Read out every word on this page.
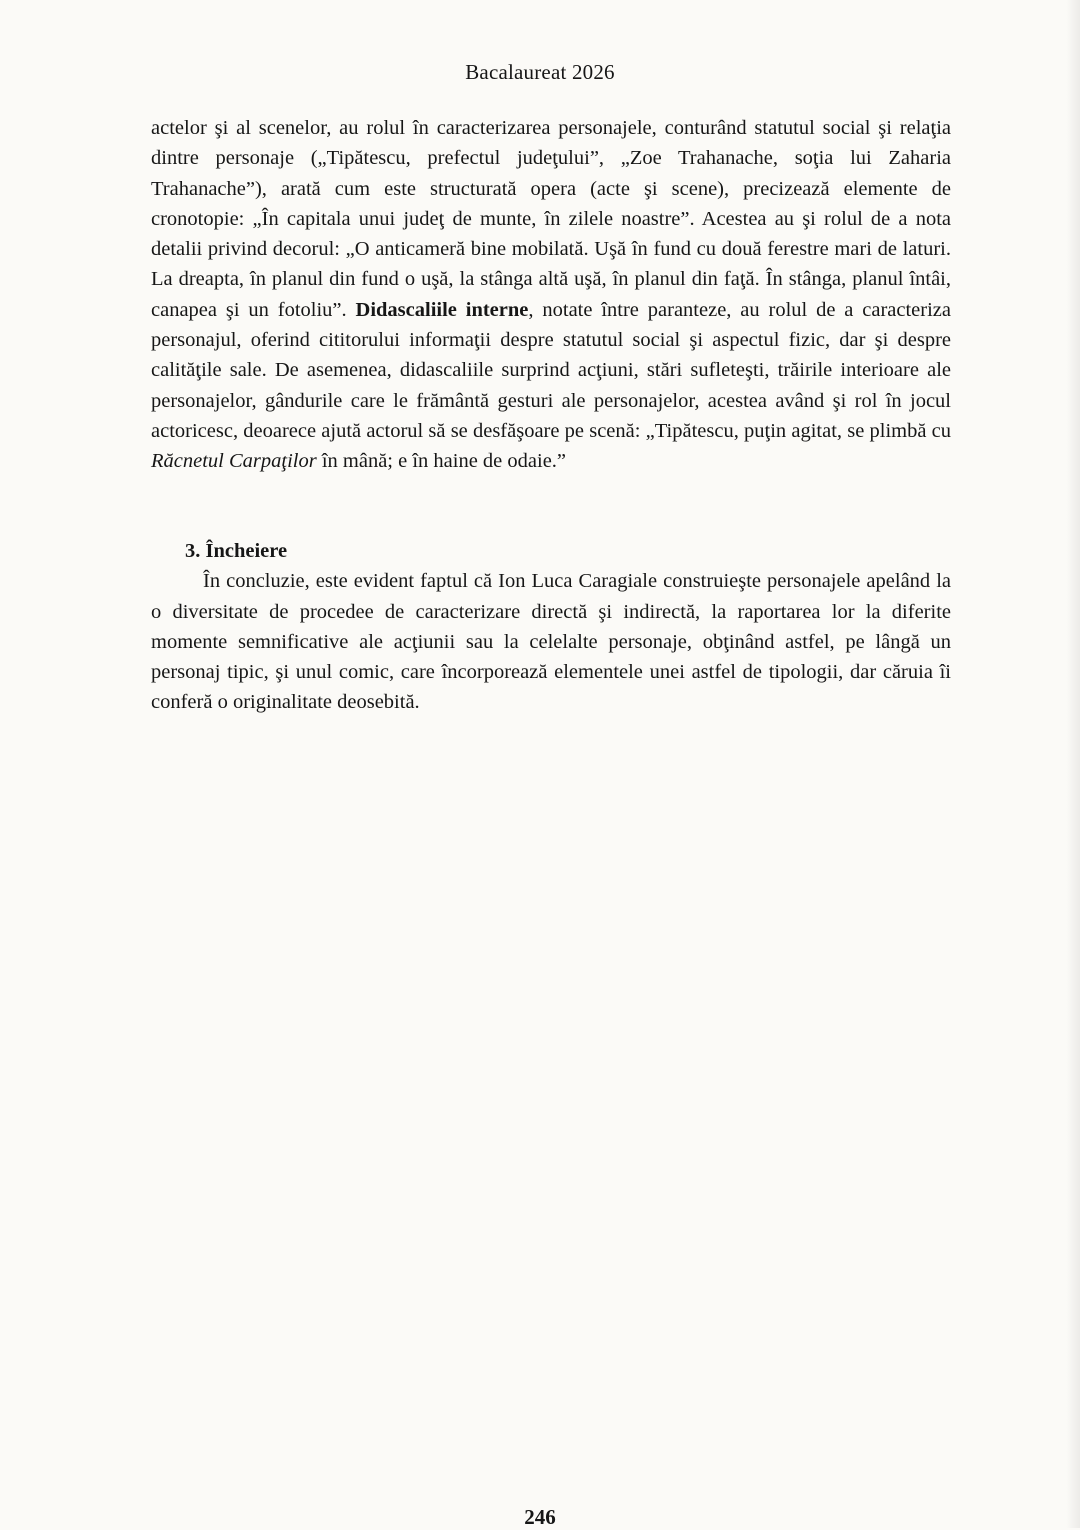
Bacalaureat 2026

actelor şi al scenelor, au rolul în caracterizarea personajele, conturând statutul social şi relaţia dintre personaje („Tipătescu, prefectul judeţului”, „Zoe Trahanache, soţia lui Zaharia Trahanache”), arată cum este structurată opera (acte şi scene), precizează elemente de cronotopie: „În capitala unui judeţ de munte, în zilele noastre”. Acestea au şi rolul de a nota detalii privind decorul: „O anticameră bine mobilată. Uşă în fund cu două ferestre mari de laturi. La dreapta, în planul din fund o uşă, la stânga altă uşă, în planul din faţă. În stânga, planul întâi, canapea şi un fotoliu”. Didascaliile interne, notate între paranteze, au rolul de a caracteriza personajul, oferind cititorului informaţii despre statutul social şi aspectul fizic, dar şi despre calităţile sale. De asemenea, didascaliile surprind acţiuni, stări sufleteşti, trăirile interioare ale personajelor, gândurile care le frământă gesturi ale personajelor, acestea având şi rol în jocul actoricesc, deoarece ajută actorul să se desfăşoare pe scenă: „Tipătescu, puţin agitat, se plimbă cu Răcnetul Carpaţilor în mână; e în haine de odaie.”

3. Încheiere

În concluzie, este evident faptul că Ion Luca Caragiale construieşte personajele apelând la o diversitate de procedee de caracterizare directă şi indirectă, la raportarea lor la diferite momente semnificative ale acţiunii sau la celelalte personaje, obţinând astfel, pe lângă un personaj tipic, şi unul comic, care încorporează elementele unei astfel de tipologii, dar căruia îi conferă o originalitate deosebită.

246
